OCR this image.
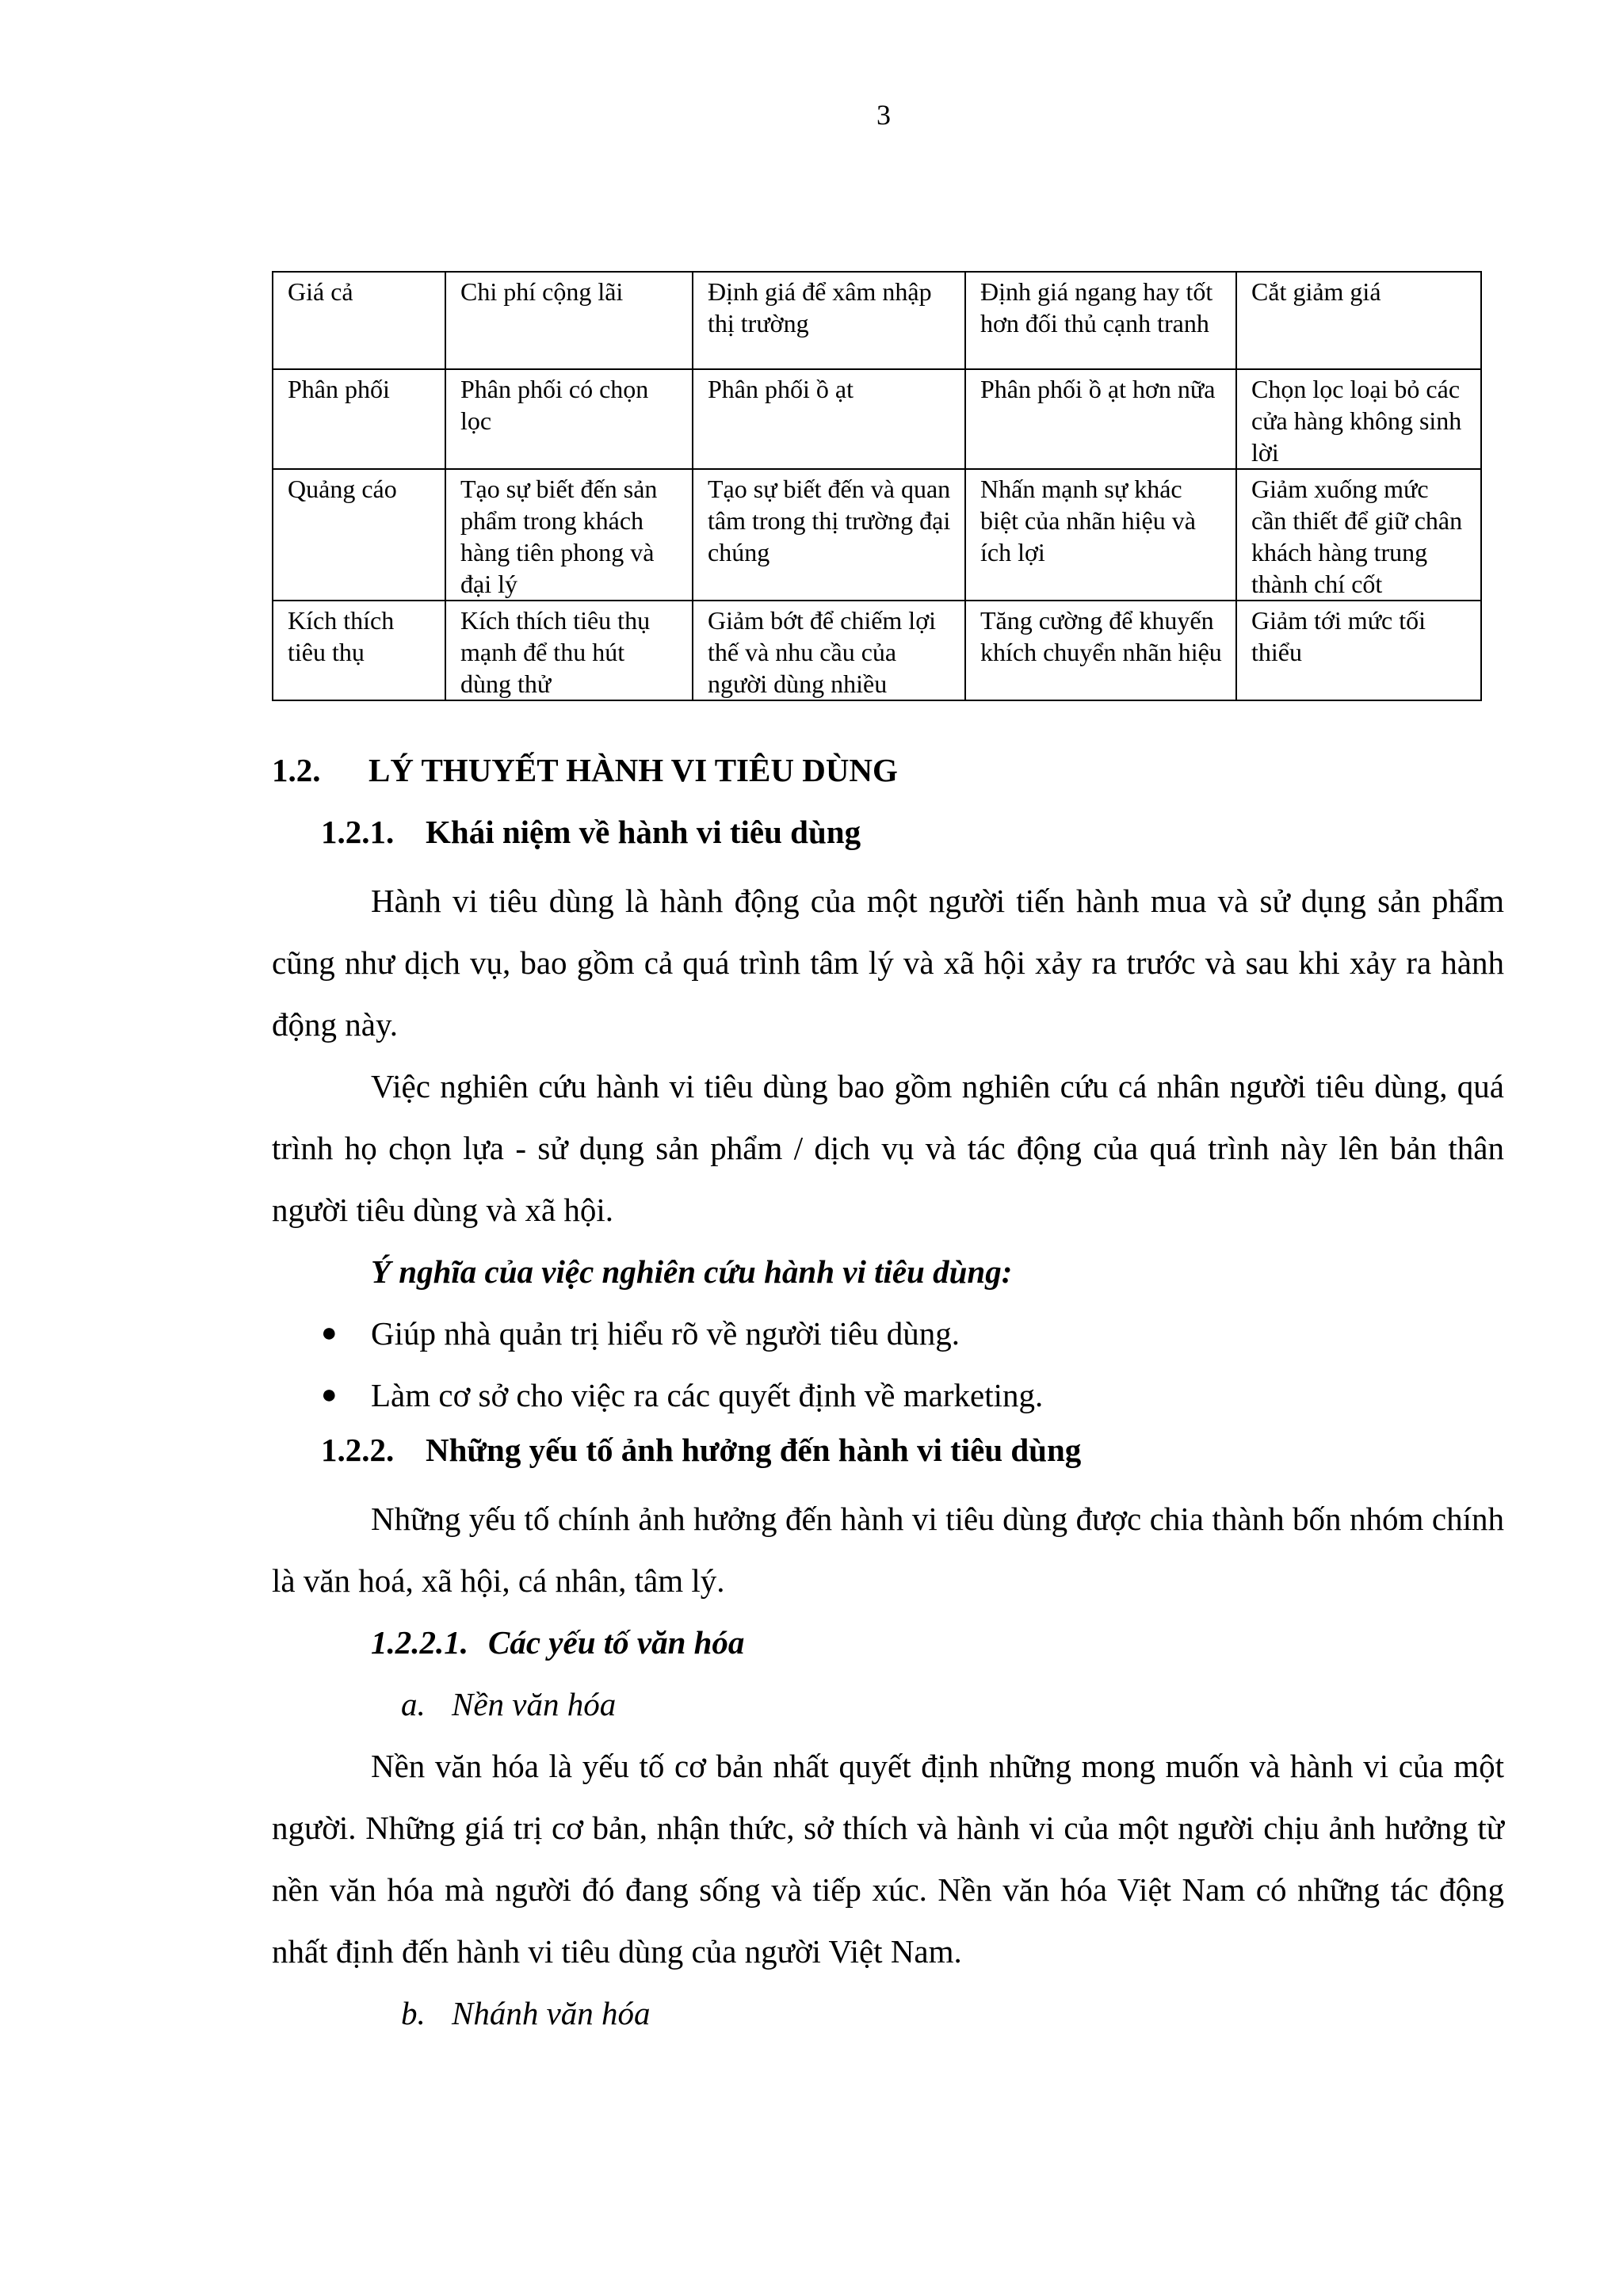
3
Giá cả	Chi phí cộng lãi	Định giá để xâm nhập thị trường	Định giá ngang hay tốt hơn đối thủ cạnh tranh	Cắt giảm giá
Phân phối	Phân phối có chọn lọc	Phân phối ồ ạt	Phân phối ồ ạt hơn nữa	Chọn lọc loại bỏ các cửa hàng không sinh lời
Quảng cáo	Tạo sự biết đến sản phẩm trong khách hàng tiên phong và đại lý	Tạo sự biết đến và quan tâm trong thị trường đại chúng	Nhấn mạnh sự khác biệt của nhãn hiệu và ích lợi	Giảm xuống mức cần thiết để giữ chân khách hàng trung thành chí cốt
Kích thích tiêu thụ	Kích thích tiêu thụ mạnh để thu hút dùng thử	Giảm bớt để chiếm lợi thế và nhu cầu của người dùng nhiều	Tăng cường để khuyến khích chuyển nhãn hiệu	Giảm tới mức tối thiểu
1.2. LÝ THUYẾT HÀNH VI TIÊU DÙNG
1.2.1. Khái niệm về hành vi tiêu dùng
Hành vi tiêu dùng là hành động của một người tiến hành mua và sử dụng sản phẩm cũng như dịch vụ, bao gồm cả quá trình tâm lý và xã hội xảy ra trước và sau khi xảy ra hành động này.
Việc nghiên cứu hành vi tiêu dùng bao gồm nghiên cứu cá nhân người tiêu dùng, quá trình họ chọn lựa - sử dụng sản phẩm / dịch vụ và tác động của quá trình này lên bản thân người tiêu dùng và xã hội.
Ý nghĩa của việc nghiên cứu hành vi tiêu dùng:
● Giúp nhà quản trị hiểu rõ về người tiêu dùng.
● Làm cơ sở cho việc ra các quyết định về marketing.
1.2.2. Những yếu tố ảnh hưởng đến hành vi tiêu dùng
Những yếu tố chính ảnh hưởng đến hành vi tiêu dùng được chia thành bốn nhóm chính là văn hoá, xã hội, cá nhân, tâm lý.
1.2.2.1. Các yếu tố văn hóa
a. Nền văn hóa
Nền văn hóa là yếu tố cơ bản nhất quyết định những mong muốn và hành vi của một người. Những giá trị cơ bản, nhận thức, sở thích và hành vi của một người chịu ảnh hưởng từ nền văn hóa mà người đó đang sống và tiếp xúc. Nền văn hóa Việt Nam có những tác động nhất định đến hành vi tiêu dùng của người Việt Nam.
b. Nhánh văn hóa
